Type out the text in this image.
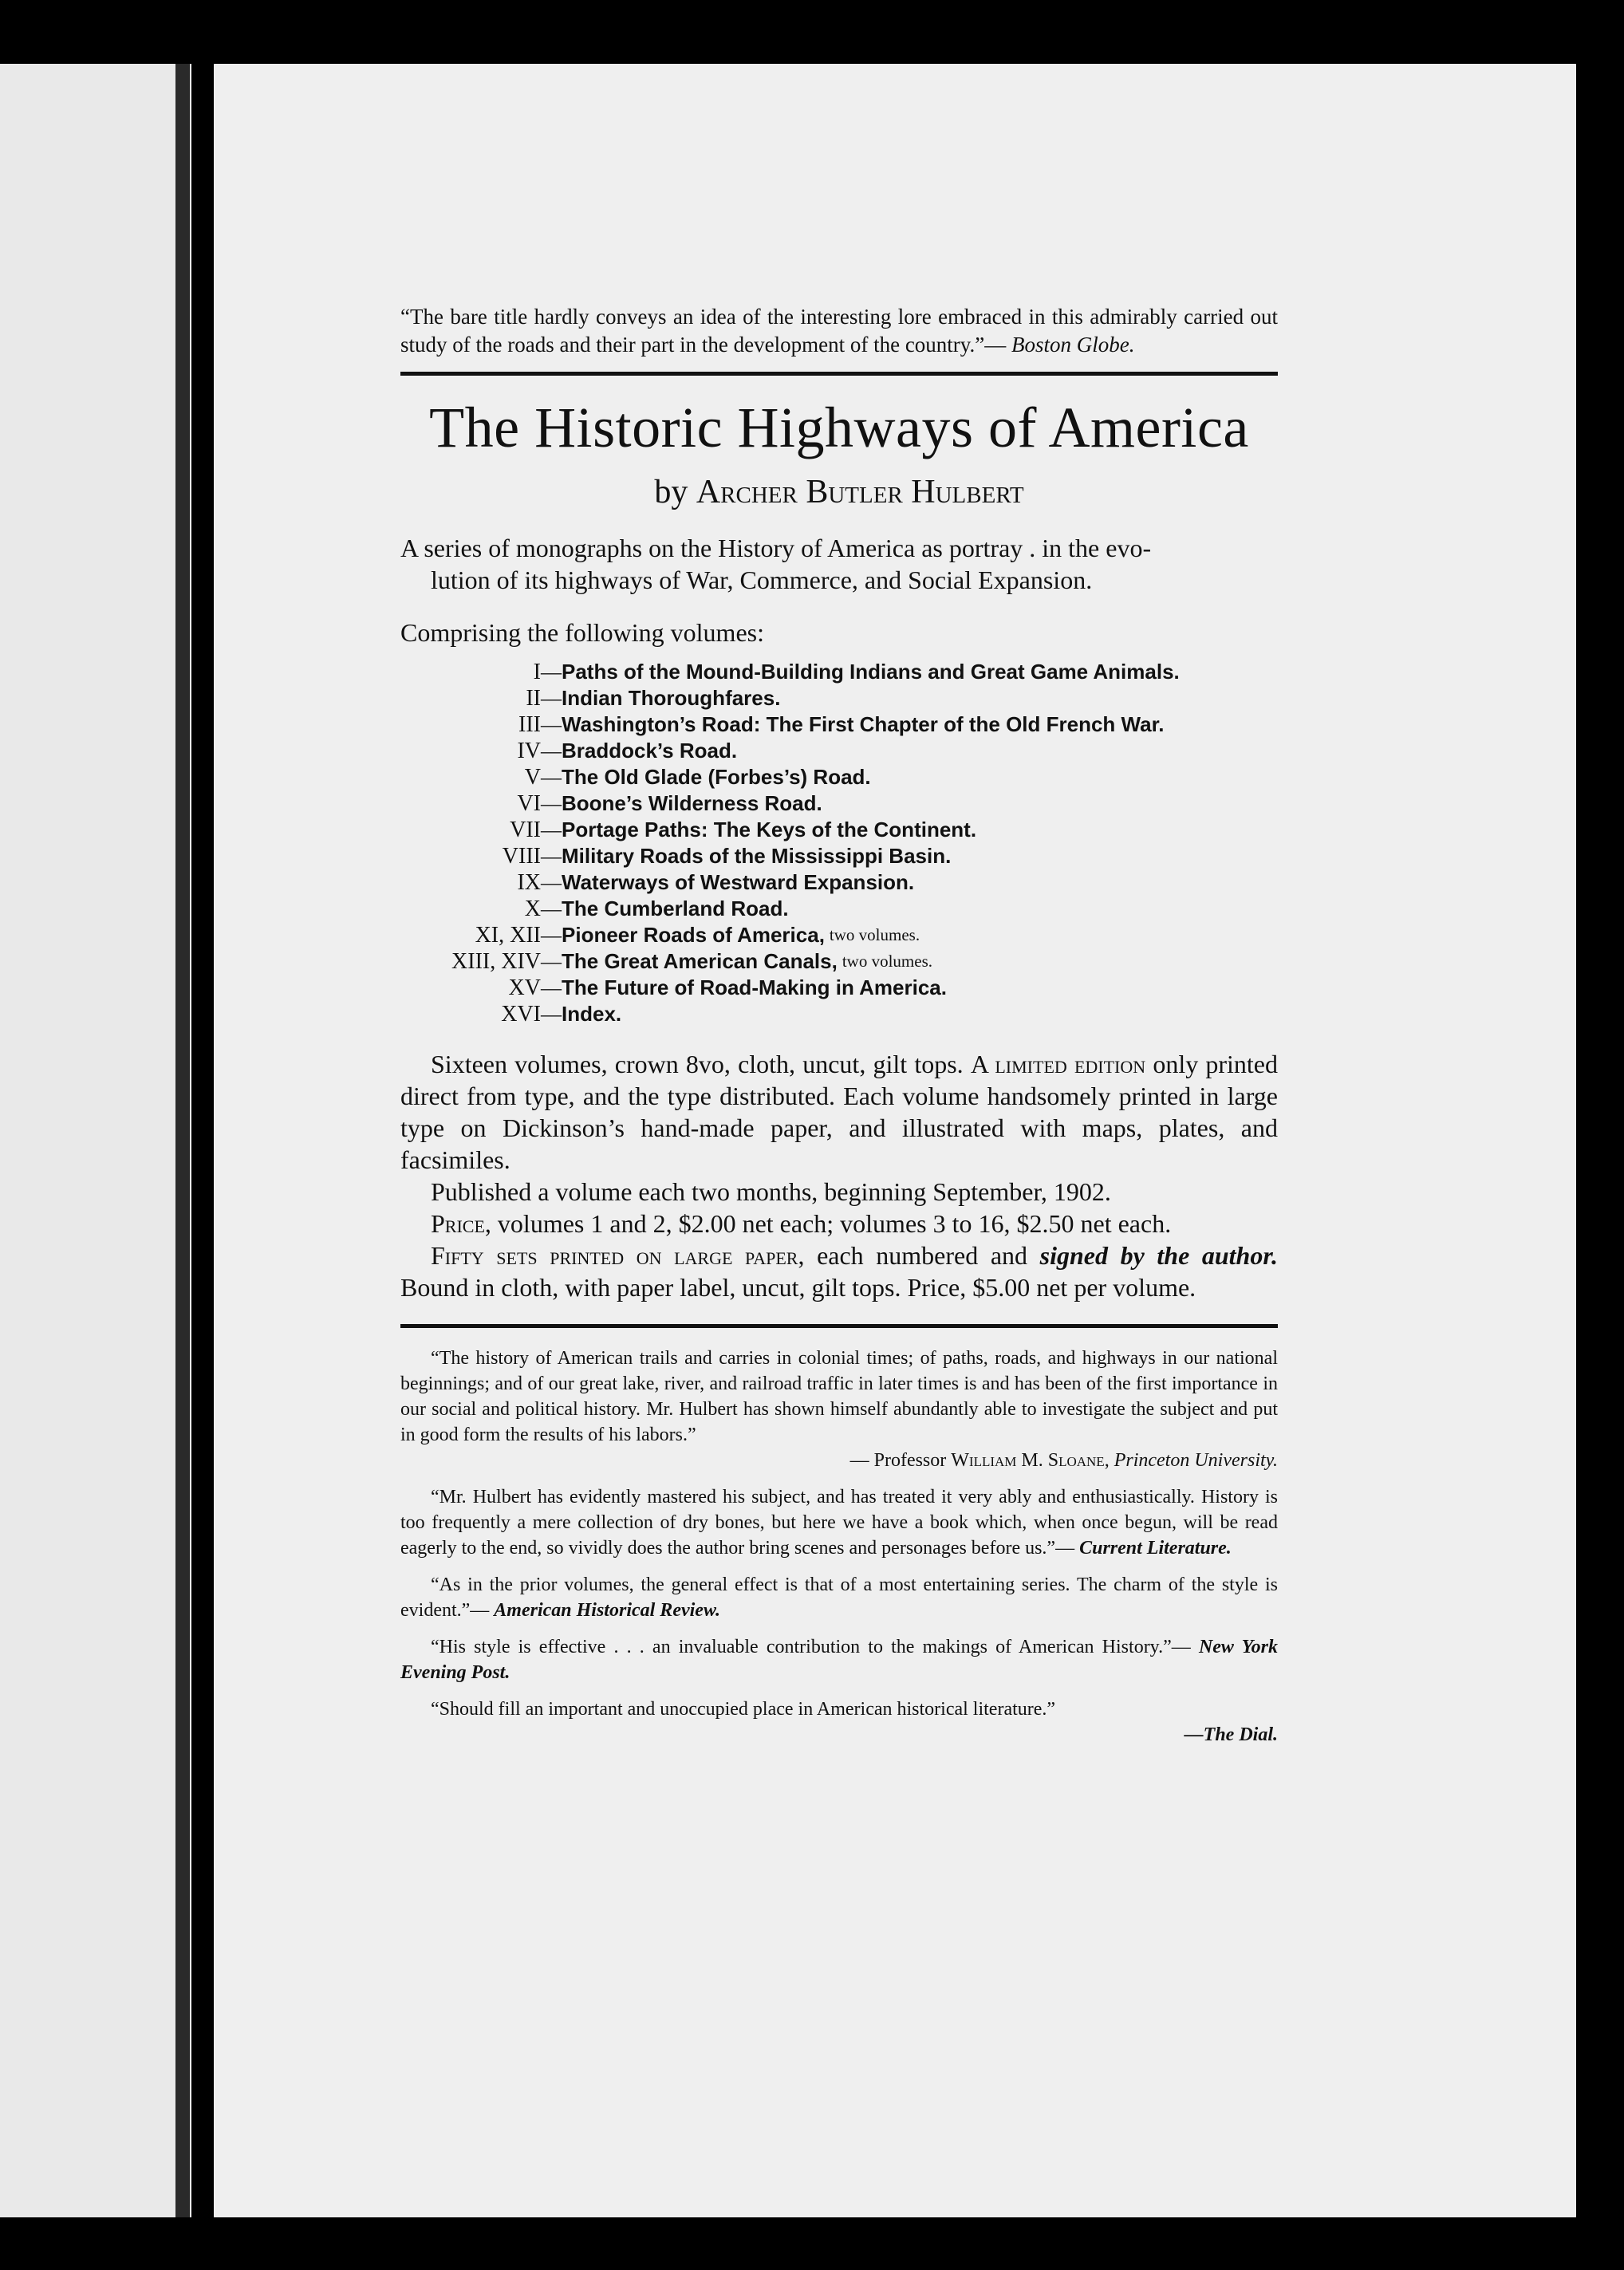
“The bare title hardly conveys an idea of the interesting lore embraced in this admirably carried out study of the roads and their part in the development of the country.”— Boston Globe.
The Historic Highways of America
by Archer Butler Hulbert
A series of monographs on the History of America as portray . in the evo-
lution of its highways of War, Commerce, and Social Expansion.
Comprising the following volumes:
I — Paths of the Mound-Building Indians and Great Game Animals.
II — Indian Thoroughfares.
III — Washington’s Road: The First Chapter of the Old French War.
IV — Braddock’s Road.
V — The Old Glade (Forbes’s) Road.
VI — Boone’s Wilderness Road.
VII — Portage Paths: The Keys of the Continent.
VIII — Military Roads of the Mississippi Basin.
IX — Waterways of Westward Expansion.
X — The Cumberland Road.
XI, XII — Pioneer Roads of America, two volumes.
XIII, XIV — The Great American Canals, two volumes.
XV — The Future of Road-Making in America.
XVI — Index.
Sixteen volumes, crown 8vo, cloth, uncut, gilt tops. A limited edition only printed direct from type, and the type distributed. Each volume handsomely printed in large type on Dickinson’s hand-made paper, and illustrated with maps, plates, and facsimiles.
Published a volume each two months, beginning September, 1902.
Price, volumes 1 and 2, $2.00 net each; volumes 3 to 16, $2.50 net each.
Fifty sets printed on large paper, each numbered and signed by the author. Bound in cloth, with paper label, uncut, gilt tops. Price, $5.00 net per volume.
“The history of American trails and carries in colonial times; of paths, roads, and highways in our national beginnings; and of our great lake, river, and railroad traffic in later times is and has been of the first importance in our social and political history. Mr. Hulbert has shown himself abundantly able to investigate the subject and put in good form the results of his labors.”
— Professor William M. Sloane, Princeton University.
“Mr. Hulbert has evidently mastered his subject, and has treated it very ably and enthusiastically. History is too frequently a mere collection of dry bones, but here we have a book which, when once begun, will be read eagerly to the end, so vividly does the author bring scenes and personages before us.”— Current Literature.
“As in the prior volumes, the general effect is that of a most entertaining series. The charm of the style is evident.”— American Historical Review.
“His style is effective . . . an invaluable contribution to the makings of American History.”— New York Evening Post.
“Should fill an important and unoccupied place in American historical literature.”
—The Dial.
